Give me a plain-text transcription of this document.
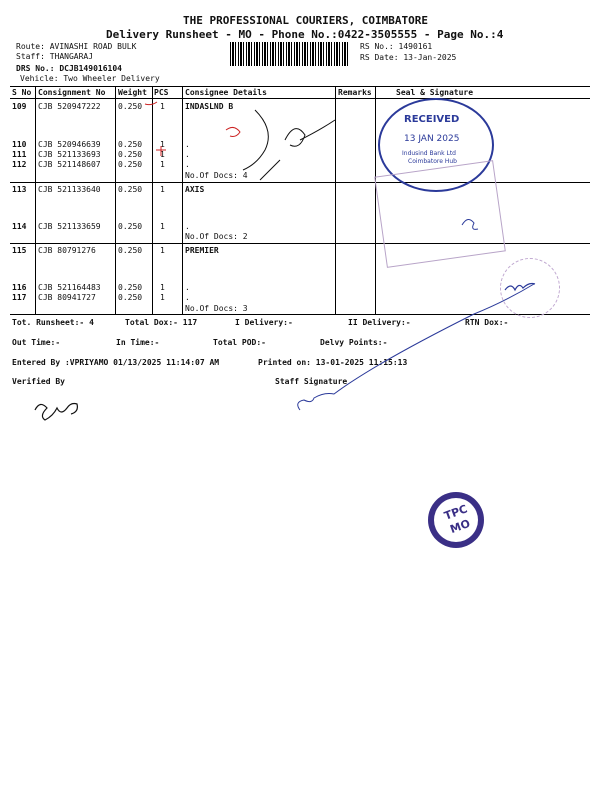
THE PROFESSIONAL COURIERS, COIMBATORE
Delivery Runsheet - MO - Phone No.:0422-3505555 - Page No.:4
Route: AVINASHI ROAD BULK
Staff: THANGARAJ
DRS No.: DCJB149016104
Vehicle: Two Wheeler Delivery
RS No.: 1490161
RS Date: 13-Jan-2025
S No Consignment No Weight PCS Consignee Details	Remarks	Seal & Signature
109 CJB 520947222 0.250 1	INDASLND B
110 CJB 520946639 0.250 1	.
111 CJB 521133693 0.250 1	.
112 CJB 521148607 0.250 1	.
No.Of Docs: 4
113 CJB 521133640 0.250 1	AXIS
114 CJB 521133659 0.250 1	.
No.Of Docs: 2
115 CJB 80791276	0.250 1	PREMIER
116 CJB 521164483 0.250 1	.
117 CJB 80941727	0.250 1	.
No.Of Docs: 3
Tot. Runsheet:- 4	Total Dox:- 117	I Delivery:-	II Delivery:-	RTN Dox:-
Out Time:-	In Time:-	Total POD:-	Delvy Points:-
Entered By :VPRIYAMO 01/13/2025 11:14:07 AM	Printed on: 13-01-2025 11:15:13
Verified By	Staff Signature
RECEIVED
13 JAN 2025
Indusind Bank Ltd
Coimbatore Hub
TPC
MO
